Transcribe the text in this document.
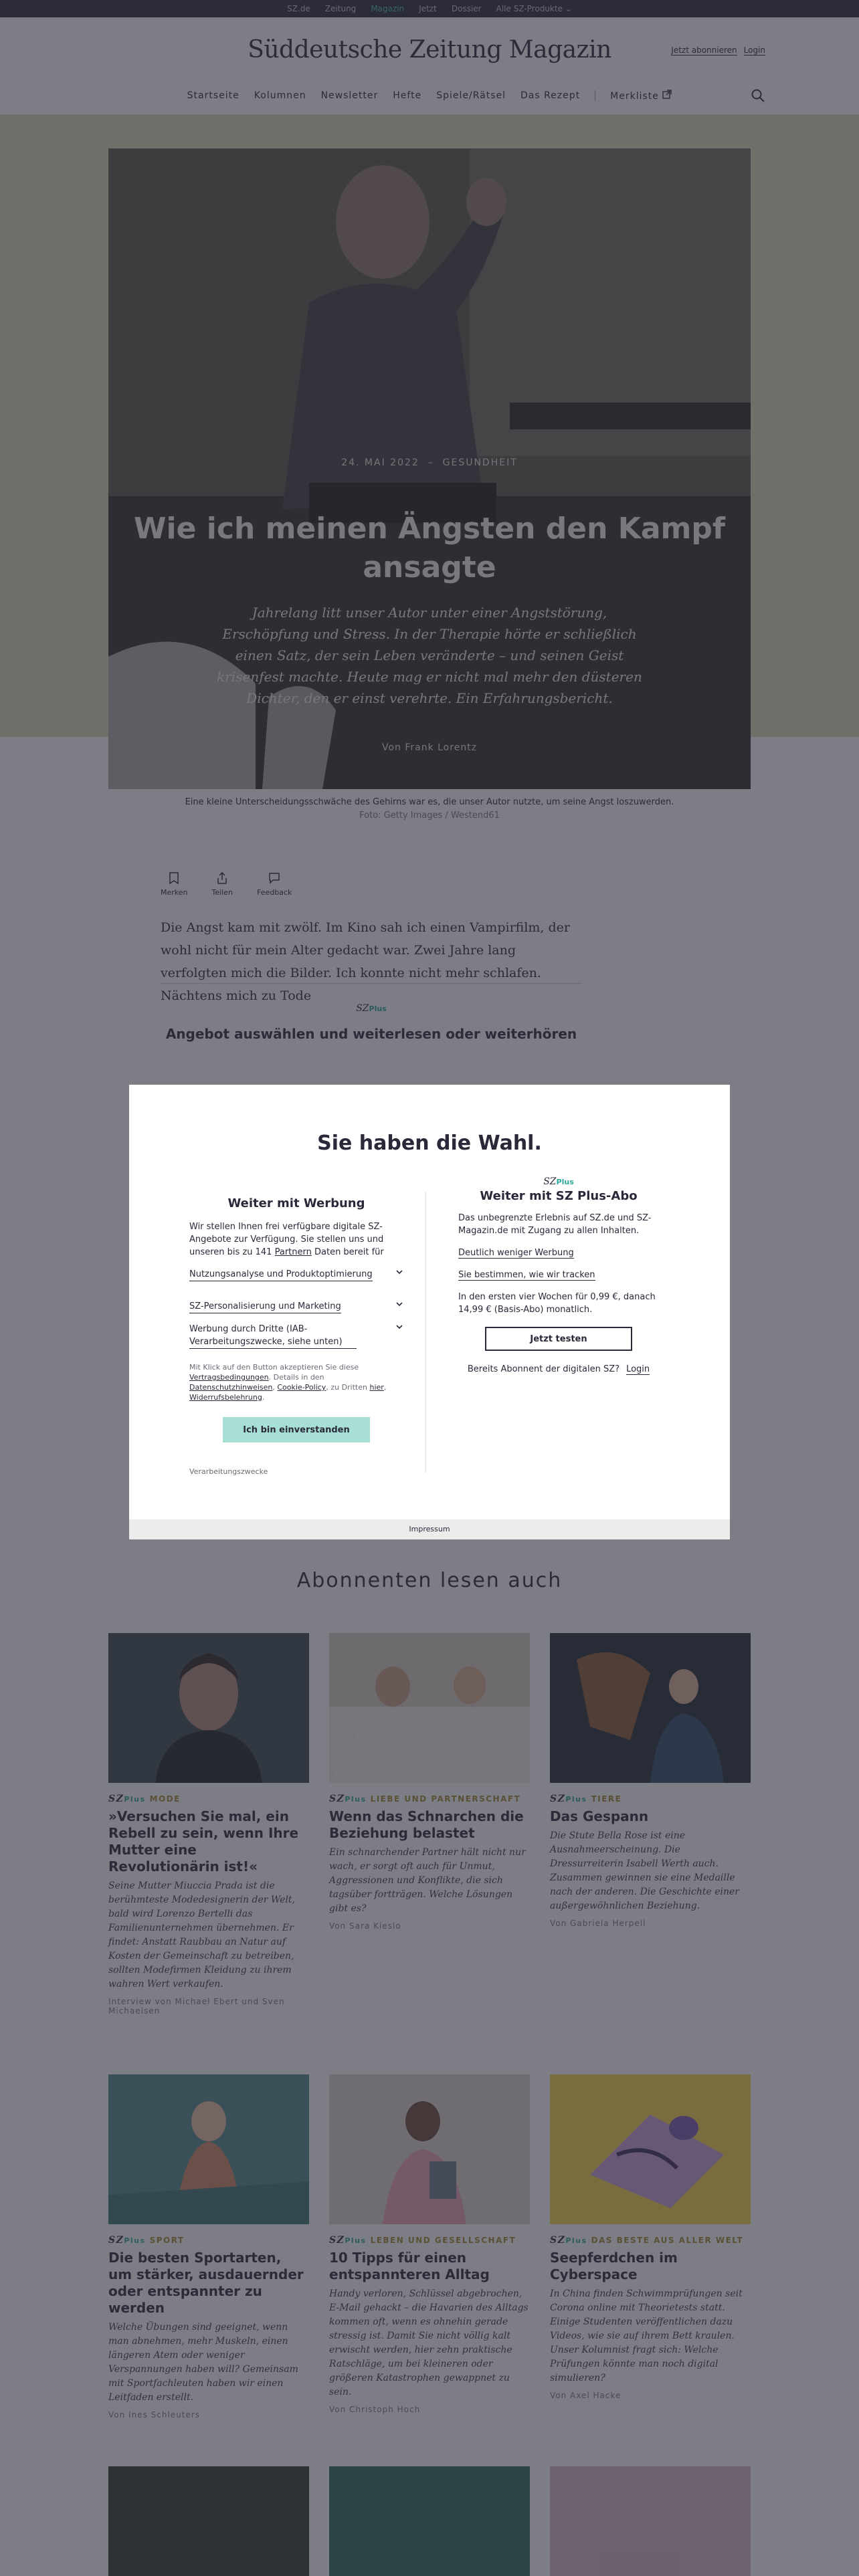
Sie haben die Wahl.
Weiter mit Werbung

Wir stellen Ihnen frei verfügbare digitale SZ-Angebote zur Verfügung. Sie stellen uns und unseren bis zu 141 Partnern Daten bereit für

Nutzungsanalyse und Produktoptimierung
SZ-Personalisierung und Marketing
Werbung durch Dritte (IAB-Verarbeitungszwecke, siehe unten)

Mit Klick auf den Button akzeptieren Sie diese Vertragsbedingungen. Details in den Datenschutzhinweisen, Cookie-Policy, zu Dritten hier, Widerrufsbelehrung.

Ich bin einverstanden

Verarbeitungszwecke

SZPlus
Weiter mit SZ Plus-Abo

Das unbegrenzte Erlebnis auf SZ.de und SZ-Magazin.de mit Zugang zu allen Inhalten.

Deutlich weniger Werbung

Sie bestimmen, wie wir tracken

In den ersten vier Wochen für 0,99 €, danach 14,99 € (Basis-Abo) monatlich.

Jetzt testen

Bereits Abonnent der digitalen SZ? Login

Impressum
